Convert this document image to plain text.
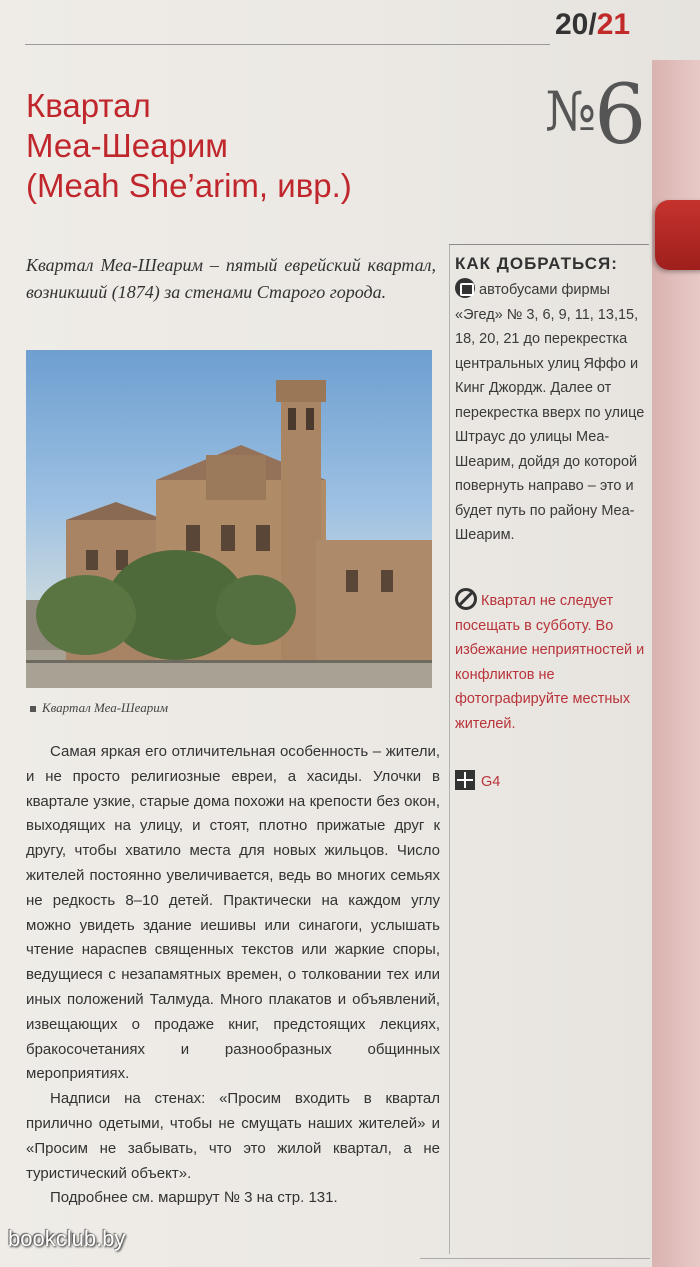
20/21
№6
Квартал
Меа-Шеарим
(Meah She’arim, ивр.)

Квартал Меа-Шеарим – пятый еврейский квартал, возникший (1874) за стенами Старого города.

Квартал Меа-Шеарим

Самая яркая его отличительная особенность – жители, и не просто религиозные евреи, а хасиды. Улочки в квартале узкие, старые дома похожи на крепости без окон, выходящих на улицу, и стоят, плотно прижатые друг к другу, чтобы хватило места для новых жильцов. Число жителей постоянно увеличивается, ведь во многих семьях не редкость 8–10 детей. Практически на каждом углу можно увидеть здание иешивы или синагоги, услышать чтение нараспев священных текстов или жаркие споры, ведущиеся с незапамятных времен, о толковании тех или иных положений Талмуда. Много плакатов и объявлений, извещающих о продаже книг, предстоящих лекциях, бракосочетаниях и разнообразных общинных мероприятиях.

Надписи на стенах: «Просим входить в квартал прилично одетыми, чтобы не смущать наших жителей» и «Просим не забывать, что это жилой квартал, а не туристический объект».

Подробнее см. маршрут № 3 на стр. 131.

КАК ДОБРАТЬСЯ:
автобусами фирмы «Эгед» № 3, 6, 9, 11, 13,15, 18, 20, 21 до перекрестка центральных улиц Яффо и Кинг Джордж. Далее от перекрестка вверх по улице Штраус до улицы Меа-Шеарим, дойдя до которой повернуть направо – это и будет путь по району Меа-Шеарим.
Квартал не следует посещать в субботу. Во избежание неприятностей и конфликтов не фотографируйте местных жителей.
G4
bookclub.by
